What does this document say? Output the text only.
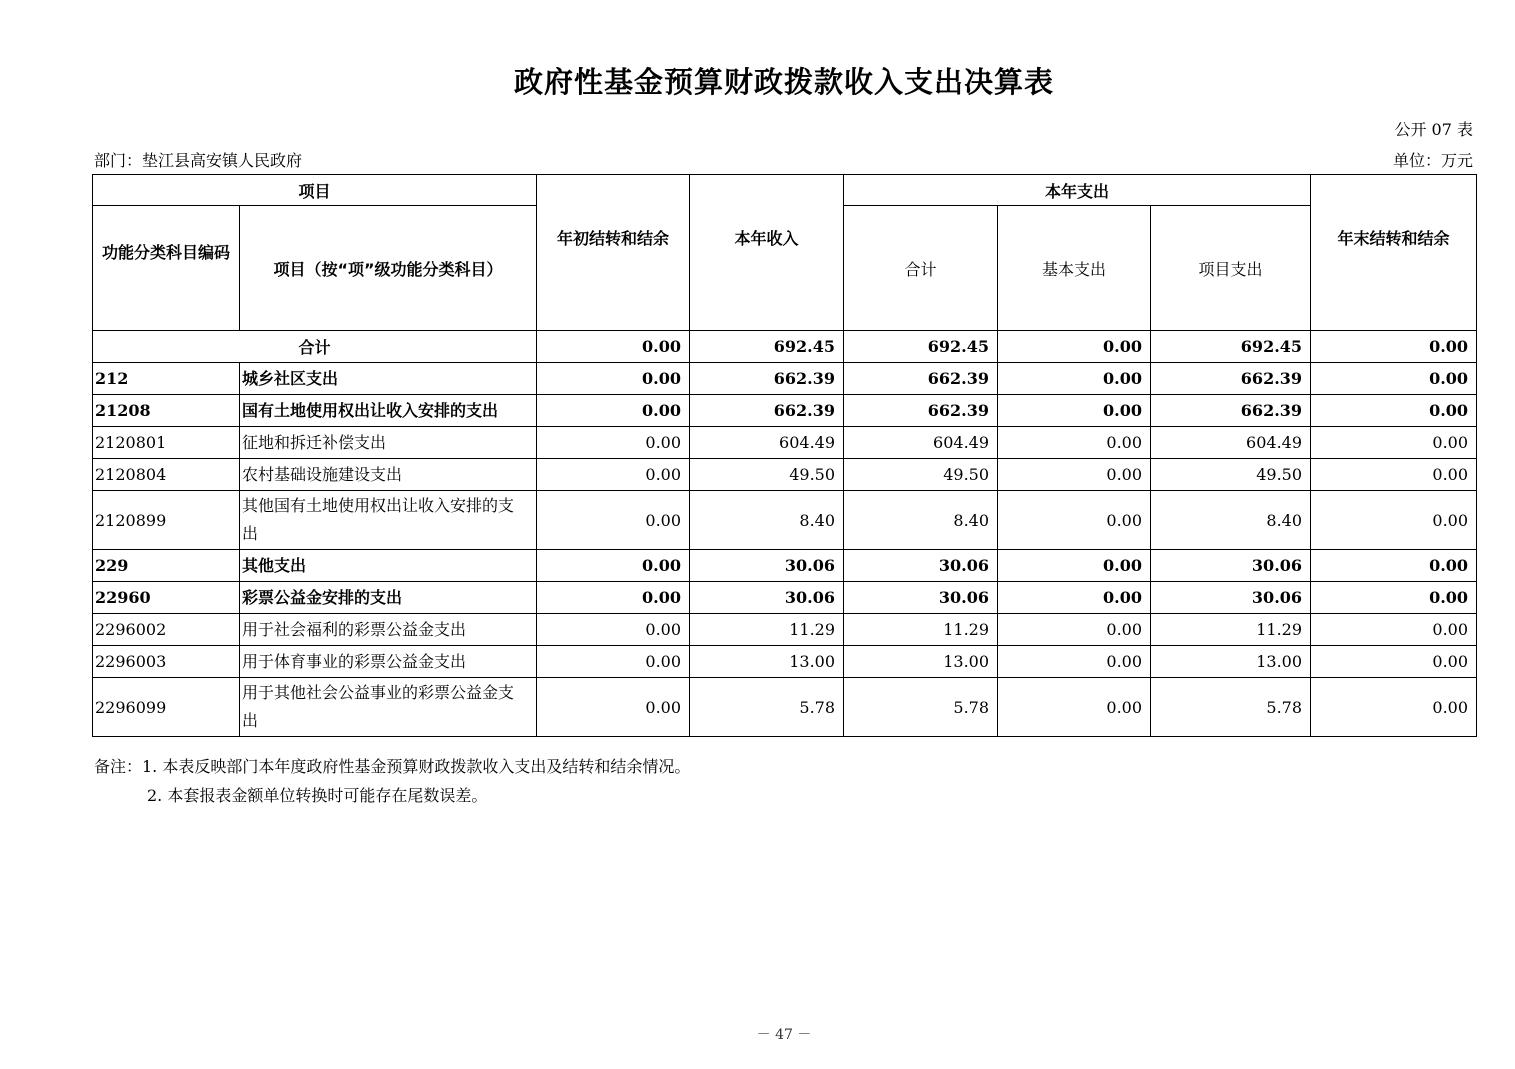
政府性基金预算财政拨款收入支出决算表
公开 07 表
部门：垫江县高安镇人民政府	单位：万元
项目		年初结转和结余	本年收入	本年支出			年末结转和结余
功能分类科目编码	项目（按“项”级功能分类科目）			合计	基本支出	项目支出	
合计		0.00	692.45	692.45	0.00	692.45	0.00
212	城乡社区支出	0.00	662.39	662.39	0.00	662.39	0.00
21208	国有土地使用权出让收入安排的支出	0.00	662.39	662.39	0.00	662.39	0.00
2120801	征地和拆迁补偿支出	0.00	604.49	604.49	0.00	604.49	0.00
2120804	农村基础设施建设支出	0.00	49.50	49.50	0.00	49.50	0.00
2120899	其他国有土地使用权出让收入安排的支出	0.00	8.40	8.40	0.00	8.40	0.00
229	其他支出	0.00	30.06	30.06	0.00	30.06	0.00
22960	彩票公益金安排的支出	0.00	30.06	30.06	0.00	30.06	0.00
2296002	用于社会福利的彩票公益金支出	0.00	11.29	11.29	0.00	11.29	0.00
2296003	用于体育事业的彩票公益金支出	0.00	13.00	13.00	0.00	13.00	0.00
2296099	用于其他社会公益事业的彩票公益金支出	0.00	5.78	5.78	0.00	5.78	0.00
备注：1. 本表反映部门本年度政府性基金预算财政拨款收入支出及结转和结余情况。
2. 本套报表金额单位转换时可能存在尾数误差。
－ 47 －
